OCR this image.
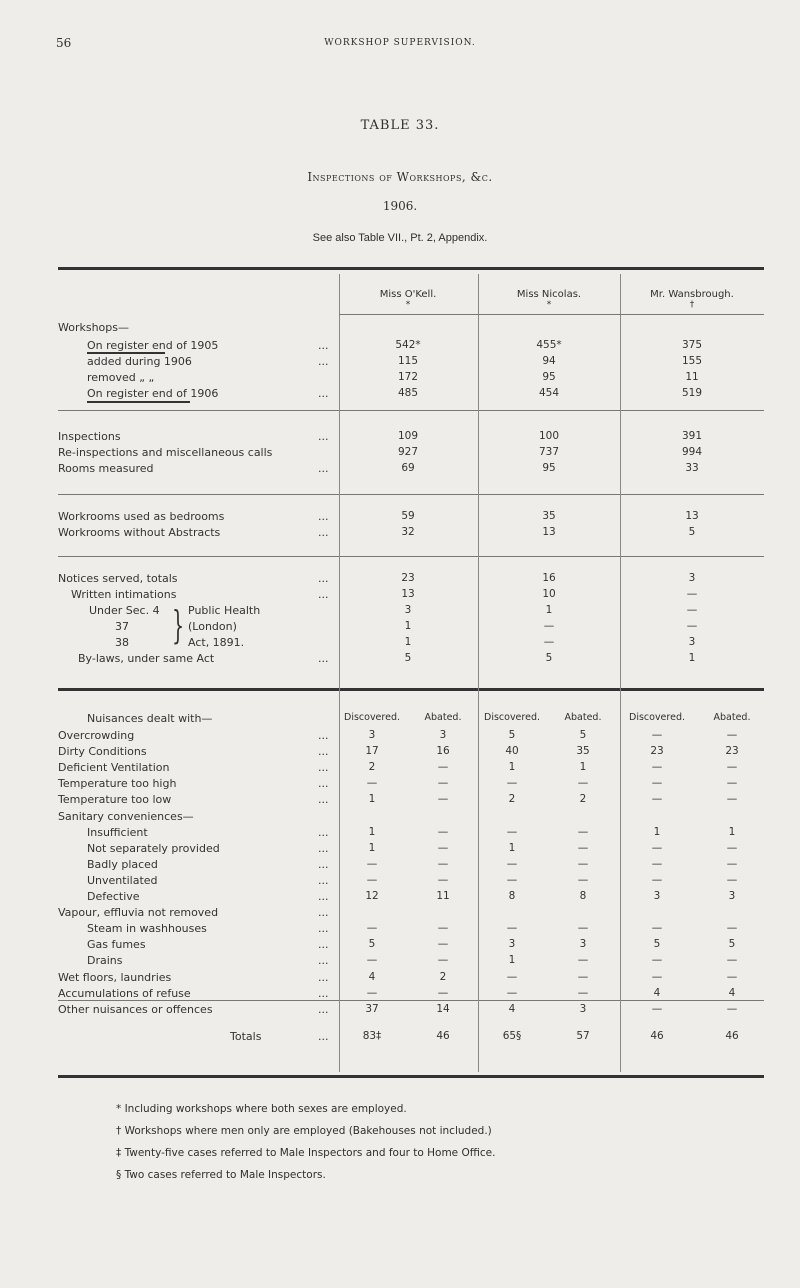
56	WORKSHOP SUPERVISION.
TABLE 33.
Inspections of Workshops, &c.
1906.
See also Table VII., Pt. 2, Appendix.
Miss O'Kell.
*
Miss Nicolas.
*
Mr. Wansbrough.
†
Workshops—
On register end of 1905	...	542*	455*	375
added during 1906	...	115	94	155
removed „ „	172	95	11
On register end of 1906	...	485	454	519
Inspections	...	109	100	391
Re-inspections and miscellaneous calls	927	737	994
Rooms measured	...	69	95	33
Workrooms used as bedrooms	...	59	35	13
Workrooms without Abstracts	...	32	13	5
Notices served, totals	...	23	16	3
Written intimations	...	13	10	—
Under Sec. 4	3	1	—
37	1	—	—
38	1	—	3
By-laws, under same Act	...	5	5	1
} Public Health
(London)
Act, 1891.
Discovered.	Abated.	Discovered.	Abated.	Discovered.	Abated.
Nuisances dealt with—
Overcrowding	...	3	3	5	5	—	—
Dirty Conditions	...	17	16	40	35	23	23
Deficient Ventilation	...	2	—	1	1	—	—
Temperature too high	...	—	—	—	—	—	—
Temperature too low	...	1	—	2	2	—	—
Sanitary conveniences—
Insufficient	...	1	—	—	—	1	1
Not separately provided	...	1	—	1	—	—	—
Badly placed	...	—	—	—	—	—	—
Unventilated	...	—	—	—	—	—	—
Defective	...	12	11	8	8	3	3
Vapour, effluvia not removed	...
Steam in washhouses	...	—	—	—	—	—	—
Gas fumes	...	5	—	3	3	5	5
Drains	...	—	—	1	—	—	—
Wet floors, laundries	...	4	2	—	—	—	—
Accumulations of refuse	...	—	—	—	—	4	4
Other nuisances or offences	...	37	14	4	3	—	—
Totals	...	83‡	46	65§	57	46	46
* Including workshops where both sexes are employed.
† Workshops where men only are employed (Bakehouses not included.)
‡ Twenty-five cases referred to Male Inspectors and four to Home Office.
§ Two cases referred to Male Inspectors.
